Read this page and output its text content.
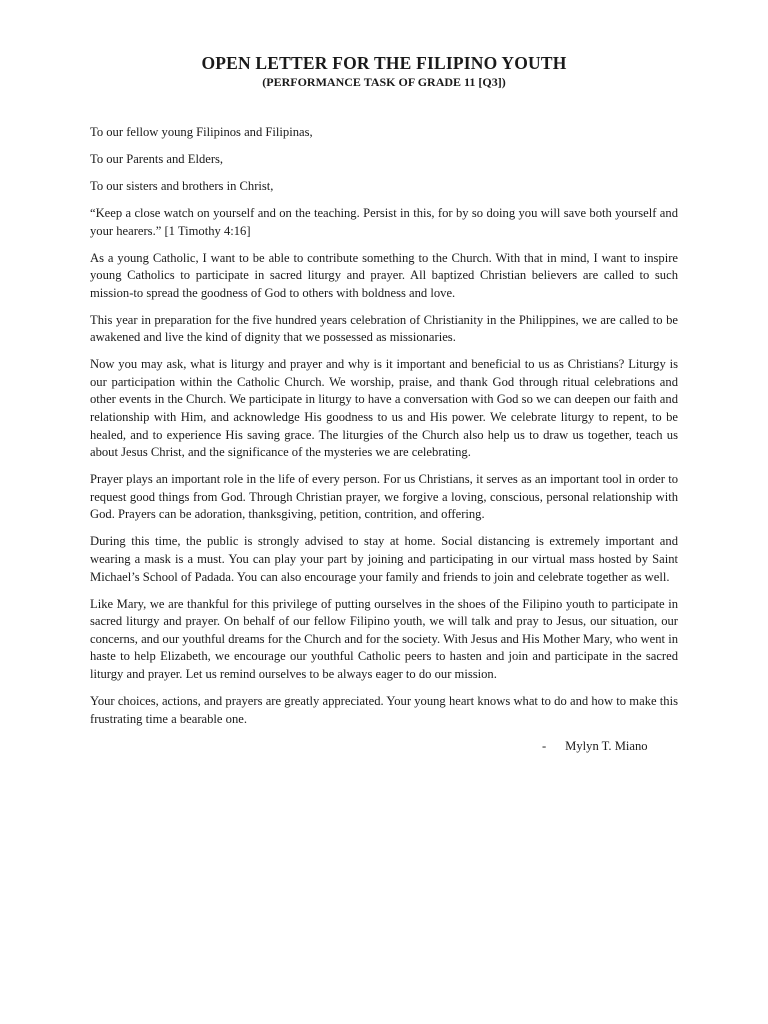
OPEN LETTER FOR THE FILIPINO YOUTH
(PERFORMANCE TASK OF GRADE 11 [Q3])

To our fellow young Filipinos and Filipinas,

To our Parents and Elders,

To our sisters and brothers in Christ,

“Keep a close watch on yourself and on the teaching. Persist in this, for by so doing you will save both yourself and your hearers.” [1 Timothy 4:16]

As a young Catholic, I want to be able to contribute something to the Church. With that in mind, I want to inspire young Catholics to participate in sacred liturgy and prayer. All baptized Christian believers are called to such mission-to spread the goodness of God to others with boldness and love.

This year in preparation for the five hundred years celebration of Christianity in the Philippines, we are called to be awakened and live the kind of dignity that we possessed as missionaries.

Now you may ask, what is liturgy and prayer and why is it important and beneficial to us as Christians? Liturgy is our participation within the Catholic Church. We worship, praise, and thank God through ritual celebrations and other events in the Church. We participate in liturgy to have a conversation with God so we can deepen our faith and relationship with Him, and acknowledge His goodness to us and His power. We celebrate liturgy to repent, to be healed, and to experience His saving grace. The liturgies of the Church also help us to draw us together, teach us about Jesus Christ, and the significance of the mysteries we are celebrating.

Prayer plays an important role in the life of every person. For us Christians, it serves as an important tool in order to request good things from God. Through Christian prayer, we forgive a loving, conscious, personal relationship with God. Prayers can be adoration, thanksgiving, petition, contrition, and offering.

During this time, the public is strongly advised to stay at home. Social distancing is extremely important and wearing a mask is a must. You can play your part by joining and participating in our virtual mass hosted by Saint Michael’s School of Padada. You can also encourage your family and friends to join and celebrate together as well.

Like Mary, we are thankful for this privilege of putting ourselves in the shoes of the Filipino youth to participate in sacred liturgy and prayer. On behalf of our fellow Filipino youth, we will talk and pray to Jesus, our situation, our concerns, and our youthful dreams for the Church and for the society. With Jesus and His Mother Mary, who went in haste to help Elizabeth, we encourage our youthful Catholic peers to hasten and join and participate in the sacred liturgy and prayer. Let us remind ourselves to be always eager to do our mission.

Your choices, actions, and prayers are greatly appreciated. Your young heart knows what to do and how to make this frustrating time a bearable one.

- Mylyn T. Miano
